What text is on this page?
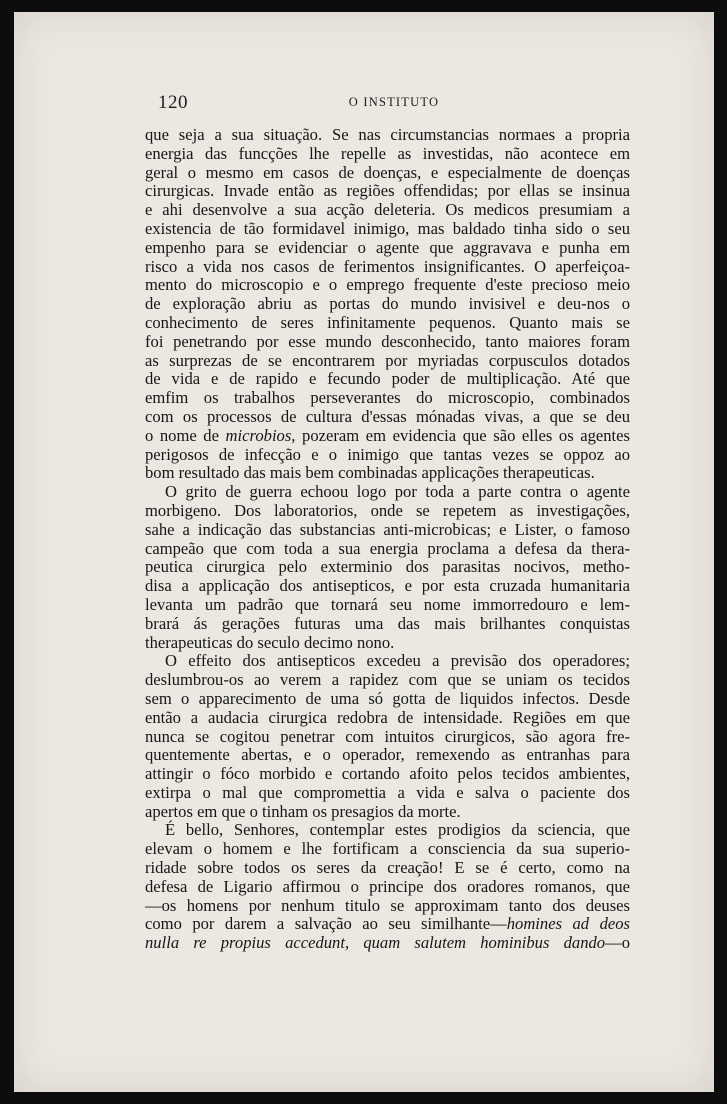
120	O INSTITUTO
que seja a sua situação. Se nas circumstancias normaes a propria
energia das funcções lhe repelle as investidas, não acontece em
geral o mesmo em casos de doenças, e especialmente de doenças
cirurgicas. Invade então as regiões offendidas; por ellas se insinua
e ahi desenvolve a sua acção deleteria. Os medicos presumiam a
existencia de tão formidavel inimigo, mas baldado tinha sido o seu
empenho para se evidenciar o agente que aggravava e punha em
risco a vida nos casos de ferimentos insignificantes. O aperfeiçoa-
mento do microscopio e o emprego frequente d'este precioso meio
de exploração abriu as portas do mundo invisivel e deu-nos o
conhecimento de seres infinitamente pequenos. Quanto mais se
foi penetrando por esse mundo desconhecido, tanto maiores foram
as surprezas de se encontrarem por myriadas corpusculos dotados
de vida e de rapido e fecundo poder de multiplicação. Até que
emfim os trabalhos perseverantes do microscopio, combinados
com os processos de cultura d'essas mónadas vivas, a que se deu
o nome de microbios, pozeram em evidencia que são elles os agentes
perigosos de infecção e o inimigo que tantas vezes se oppoz ao
bom resultado das mais bem combinadas applicações therapeuticas.
O grito de guerra echoou logo por toda a parte contra o agente
morbigeno. Dos laboratorios, onde se repetem as investigações,
sahe a indicação das substancias anti-microbicas; e Lister, o famoso
campeão que com toda a sua energia proclama a defesa da thera-
peutica cirurgica pelo exterminio dos parasitas nocivos, metho-
disa a applicação dos antisepticos, e por esta cruzada humanitaria
levanta um padrão que tornará seu nome immorredouro e lem-
brará ás gerações futuras uma das mais brilhantes conquistas
therapeuticas do seculo decimo nono.
O effeito dos antisepticos excedeu a previsão dos operadores;
deslumbrou-os ao verem a rapidez com que se uniam os tecidos
sem o apparecimento de uma só gotta de liquidos infectos. Desde
então a audacia cirurgica redobra de intensidade. Regiões em que
nunca se cogitou penetrar com intuitos cirurgicos, são agora fre-
quentemente abertas, e o operador, remexendo as entranhas para
attingir o fóco morbido e cortando afoito pelos tecidos ambientes,
extirpa o mal que compromettia a vida e salva o paciente dos
apertos em que o tinham os presagios da morte.
É bello, Senhores, contemplar estes prodigios da sciencia, que
elevam o homem e lhe fortificam a consciencia da sua superio-
ridade sobre todos os seres da creação! E se é certo, como na
defesa de Ligario affirmou o principe dos oradores romanos, que
—os homens por nenhum titulo se approximam tanto dos deuses
como por darem a salvação ao seu similhante—homines ad deos
nulla re propius accedunt, quam salutem hominibus dando—o
